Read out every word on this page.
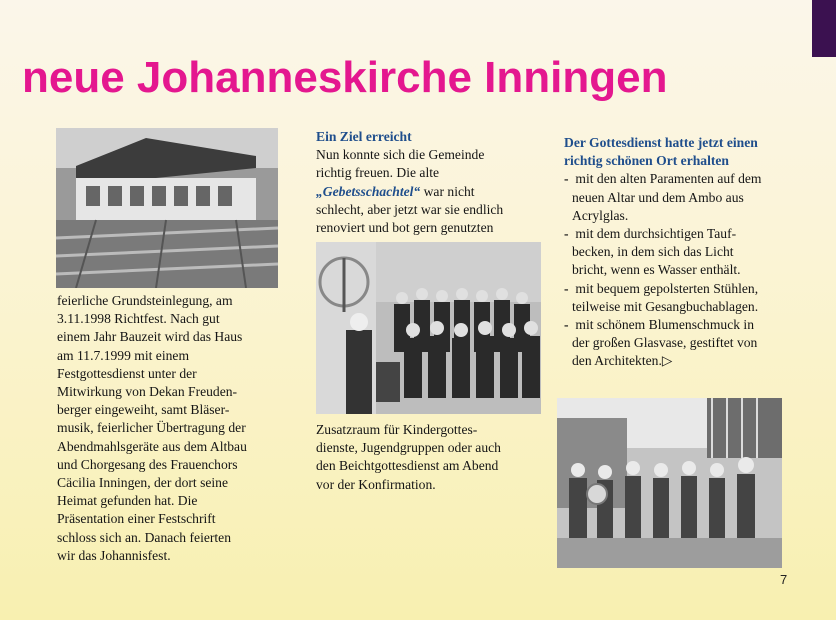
neue Johanneskirche Inningen
feierliche Grundsteinlegung, am
3.11.1998 Richtfest. Nach gut
einem Jahr Bauzeit wird das Haus
am 11.7.1999 mit einem
Festgottesdienst unter der
Mitwirkung von Dekan Freuden-
berger eingeweiht, samt Bläser-
musik, feierlicher Übertragung der
Abendmahlsgeräte aus dem Altbau
und Chorgesang des Frauenchors
Cäcilia Inningen, der dort seine
Heimat gefunden hat. Die
Präsentation einer Festschrift
schloss sich an. Danach feierten
wir das Johannisfest.
Ein Ziel erreicht
Nun konnte sich die Gemeinde
richtig freuen. Die alte
„Gebetsschachtel“ war nicht
schlecht, aber jetzt war sie endlich
renoviert und bot gern genutzten
Zusatzraum für Kindergottes-
dienste, Jugendgruppen oder auch
den Beichtgottesdienst am Abend
vor der Konfirmation.
Der Gottesdienst hatte jetzt einen
richtig schönen Ort erhalten
- mit den alten Paramenten auf dem
neuen Altar und dem Ambo aus
Acrylglas.
- mit dem durchsichtigen Tauf-
becken, in dem sich das Licht
bricht, wenn es Wasser enthält.
- mit bequem gepolsterten Stühlen,
teilweise mit Gesangbuchablagen.
- mit schönem Blumenschmuck in
der großen Glasvase, gestiftet von
den Architekten.▷
7
